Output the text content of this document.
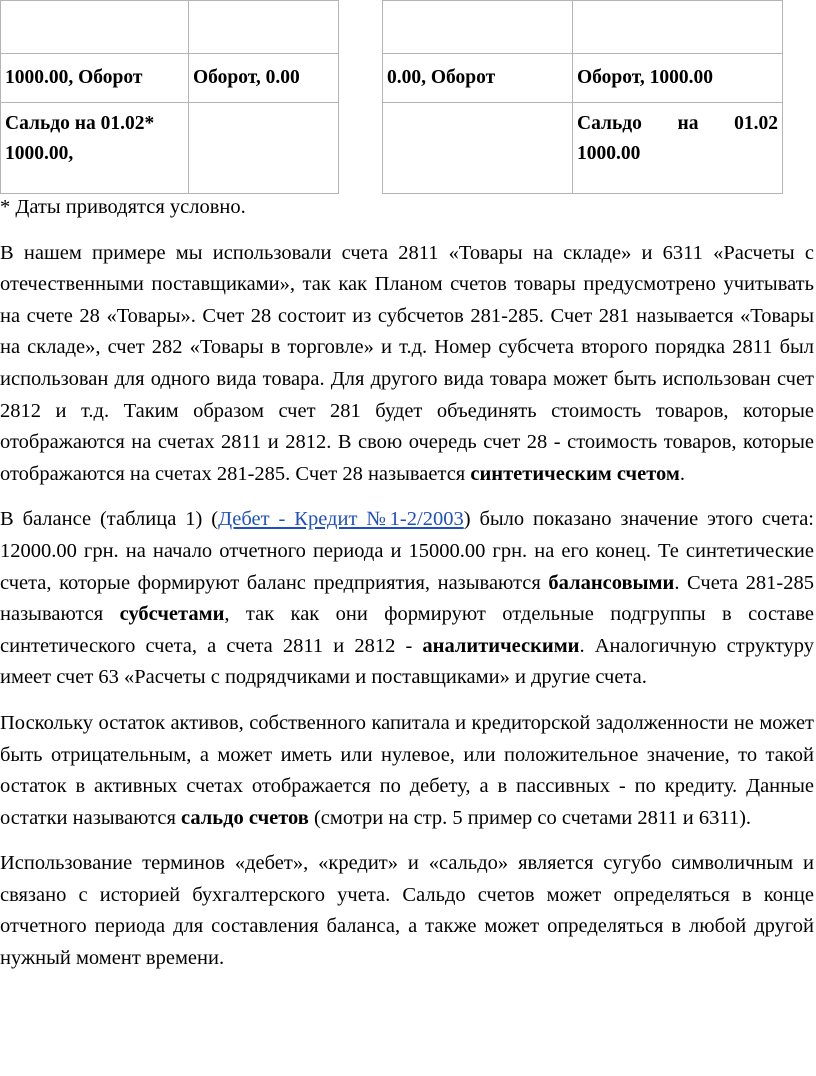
1000.00, Оборот	Оборот, 0.00
Сальдо на 01.02*
1000.00,	

0.00, Оборот	Оборот, 1000.00

	Сальдо на 01.02
1000.00

* Даты приводятся условно.

В нашем примере мы использовали счета 2811 «Товары на складе» и 6311 «Расчеты с отечественными поставщиками», так как Планом счетов товары предусмотрено учитывать на счете 28 «Товары». Счет 28 состоит из субсчетов 281-285. Счет 281 называется «Товары на складе», счет 282 «Товары в торговле» и т.д. Номер субсчета второго порядка 2811 был использован для одного вида товара. Для другого вида товара может быть использован счет 2812 и т.д. Таким образом счет 281 будет объединять стоимость товаров, которые отображаются на счетах 2811 и 2812. В свою очередь счет 28 - стоимость товаров, которые отображаются на счетах 281-285. Счет 28 называется синтетическим счетом.

В балансе (таблица 1) (Дебет - Кредит №1-2/2003) было показано значение этого счета: 12000.00 грн. на начало отчетного периода и 15000.00 грн. на его конец. Те синтетические счета, которые формируют баланс предприятия, называются балансовыми. Счета 281-285 называются субсчетами, так как они формируют отдельные подгруппы в составе синтетического счета, а счета 2811 и 2812 - аналитическими. Аналогичную структуру имеет счет 63 «Расчеты с подрядчиками и поставщиками» и другие счета.

Поскольку остаток активов, собственного капитала и кредиторской задолженности не может быть отрицательным, а может иметь или нулевое, или положительное значение, то такой остаток в активных счетах отображается по дебету, а в пассивных - по кредиту. Данные остатки называются сальдо счетов (смотри на стр. 5 пример со счетами 2811 и 6311).

Использование терминов «дебет», «кредит» и «сальдо» является сугубо символичным и связано с историей бухгалтерского учета. Сальдо счетов может определяться в конце отчетного периода для составления баланса, а также может определяться в любой другой нужный момент времени.
